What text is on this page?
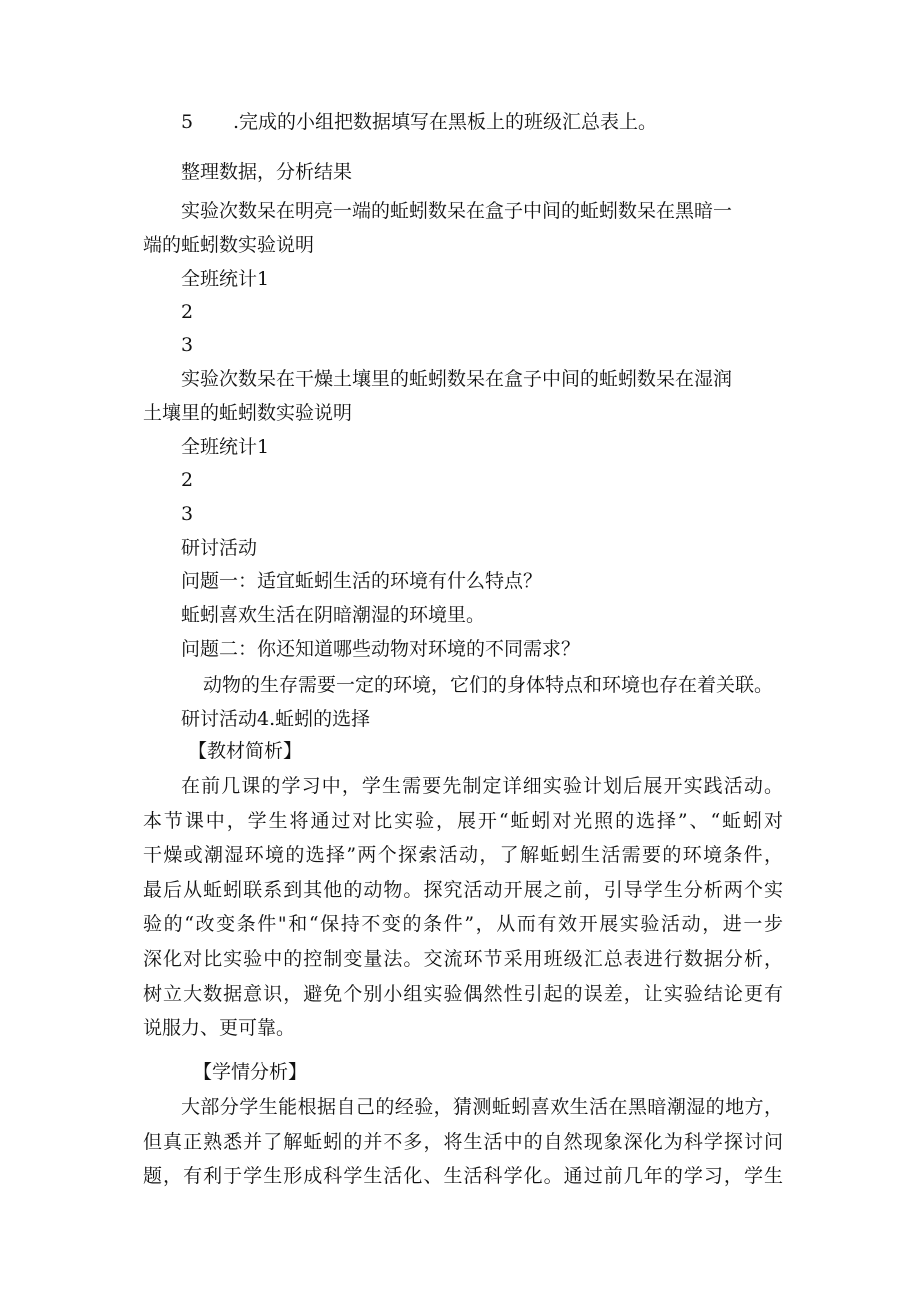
5 .完成的小组把数据填写在黑板上的班级汇总表上。
整理数据，分析结果
实验次数呆在明亮一端的蚯蚓数呆在盒子中间的蚯蚓数呆在黑暗一
端的蚯蚓数实验说明
全班统计1
2
3
实验次数呆在干燥土壤里的蚯蚓数呆在盒子中间的蚯蚓数呆在湿润
土壤里的蚯蚓数实验说明
全班统计1
2
3
研讨活动
问题一：适宜蚯蚓生活的环境有什么特点？
蚯蚓喜欢生活在阴暗潮湿的环境里。
问题二：你还知道哪些动物对环境的不同需求？
动物的生存需要一定的环境，它们的身体特点和环境也存在着关联。
研讨活动4.蚯蚓的选择
【教材简析】
在前几课的学习中，学生需要先制定详细实验计划后展开实践活动。
本节课中，学生将通过对比实验，展开“蚯蚓对光照的选择”、“蚯蚓对
干燥或潮湿环境的选择”两个探索活动，了解蚯蚓生活需要的环境条件，
最后从蚯蚓联系到其他的动物。探究活动开展之前，引导学生分析两个实
验的“改变条件"和“保持不变的条件”，从而有效开展实验活动，进一步
深化对比实验中的控制变量法。交流环节采用班级汇总表进行数据分析，
树立大数据意识，避免个别小组实验偶然性引起的误差，让实验结论更有
说服力、更可靠。
【学情分析】
大部分学生能根据自己的经验，猜测蚯蚓喜欢生活在黑暗潮湿的地方，
但真正熟悉并了解蚯蚓的并不多，将生活中的自然现象深化为科学探讨问
题，有利于学生形成科学生活化、生活科学化。通过前几年的学习，学生
